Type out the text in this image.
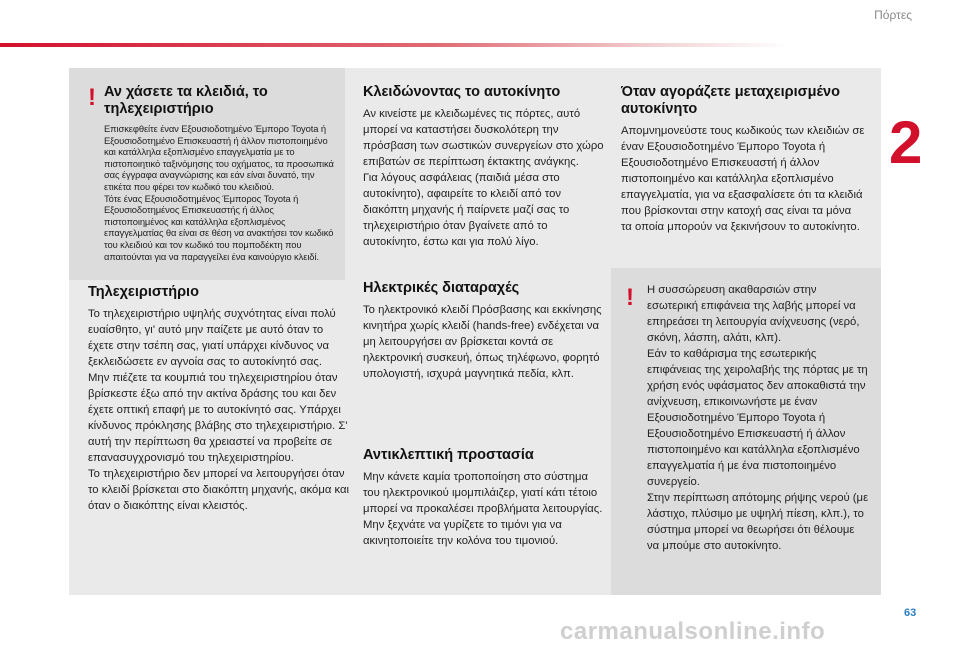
Πόρτες
2
!
!
Αν χάσετε τα κλειδιά, το τηλεχειριστήριο

Επισκεφθείτε έναν Εξουσιοδοτημένο Έμπορο Toyota ή Εξουσιοδοτημένο Επισκευαστή ή άλλον πιστοποιημένο και κατάλληλα εξοπλισμένο επαγγελματία με το πιστοποιητικό ταξινόμησης του οχήματος, τα προσωπικά σας έγγραφα αναγνώρισης και εάν είναι δυνατό, την ετικέτα που φέρει τον κωδικό του κλειδιού.

Τότε ένας Εξουσιοδοτημένος Έμπορος Toyota ή Εξουσιοδοτημένος Επισκευαστής ή άλλος πιστοποιημένος και κατάλληλα εξοπλισμένος επαγγελματίας θα είναι σε θέση να ανακτήσει τον κωδικό του κλειδιού και τον κωδικό του πομποδέκτη που απαιτούνται για να παραγγείλει ένα καινούργιο κλειδί.

Τηλεχειριστήριο

Το τηλεχειριστήριο υψηλής συχνότητας είναι πολύ ευαίσθητο, γι' αυτό μην παίζετε με αυτό όταν το έχετε στην τσέπη σας, γιατί υπάρχει κίνδυνος να ξεκλειδώσετε εν αγνοία σας το αυτοκίνητό σας.

Μην πιέζετε τα κουμπιά του τηλεχειριστηρίου όταν βρίσκεστε έξω από την ακτίνα δράσης του και δεν έχετε οπτική επαφή με το αυτοκίνητό σας. Υπάρχει κίνδυνος πρόκλησης βλάβης στο τηλεχειριστήριο. Σ' αυτή την περίπτωση θα χρειαστεί να προβείτε σε επανασυγχρονισμό του τηλεχειριστηρίου.

Το τηλεχειριστήριο δεν μπορεί να λειτουργήσει όταν το κλειδί βρίσκεται στο διακόπτη μηχανής, ακόμα και όταν ο διακόπτης είναι κλειστός.

Κλειδώνοντας το αυτοκίνητο

Αν κινείστε με κλειδωμένες τις πόρτες, αυτό μπορεί να καταστήσει δυσκολότερη την πρόσβαση των σωστικών συνεργείων στο χώρο επιβατών σε περίπτωση έκτακτης ανάγκης.

Για λόγους ασφάλειας (παιδιά μέσα στο αυτοκίνητο), αφαιρείτε το κλειδί από τον διακόπτη μηχανής ή παίρνετε μαζί σας το τηλεχειριστήριο όταν βγαίνετε από το αυτοκίνητο, έστω και για πολύ λίγο.

Ηλεκτρικές διαταραχές

Το ηλεκτρονικό κλειδί Πρόσβασης και εκκίνησης κινητήρα χωρίς κλειδί (hands-free) ενδέχεται να μη λειτουργήσει αν βρίσκεται κοντά σε ηλεκτρονική συσκευή, όπως τηλέφωνο, φορητό υπολογιστή, ισχυρά μαγνητικά πεδία, κλπ.

Αντικλεπτική προστασία

Μην κάνετε καμία τροποποίηση στο σύστημα του ηλεκτρονικού ιμομπιλάιζερ, γιατί κάτι τέτοιο μπορεί να προκαλέσει προβλήματα λειτουργίας.

Μην ξεχνάτε να γυρίζετε το τιμόνι για να ακινητοποιείτε την κολόνα του τιμονιού.

Όταν αγοράζετε μεταχειρισμένο αυτοκίνητο

Απομνημονεύστε τους κωδικούς των κλειδιών σε έναν Εξουσιοδοτημένο Έμπορο Toyota ή Εξουσιοδοτημένο Επισκευαστή ή άλλον πιστοποιημένο και κατάλληλα εξοπλισμένο επαγγελματία, για να εξασφαλίσετε ότι τα κλειδιά που βρίσκονται στην κατοχή σας είναι τα μόνα τα οποία μπορούν να ξεκινήσουν το αυτοκίνητο.

Η συσσώρευση ακαθαρσιών στην εσωτερική επιφάνεια της λαβής μπορεί να επηρεάσει τη λειτουργία ανίχνευσης (νερό, σκόνη, λάσπη, αλάτι, κλπ).

Εάν το καθάρισμα της εσωτερικής επιφάνειας της χειρολαβής της πόρτας με τη χρήση ενός υφάσματος δεν αποκαθιστά την ανίχνευση, επικοινωνήστε με έναν Εξουσιοδοτημένο Έμπορο Toyota ή Εξουσιοδοτημένο Επισκευαστή ή άλλον πιστοποιημένο και κατάλληλα εξοπλισμένο επαγγελματία ή με ένα πιστοποιημένο συνεργείο.

Στην περίπτωση απότομης ρήψης νερού (με λάστιχο, πλύσιμο με υψηλή πίεση, κλπ.), το σύστημα μπορεί να θεωρήσει ότι θέλουμε να μπούμε στο αυτοκίνητο.

63
carmanualsonline.info
